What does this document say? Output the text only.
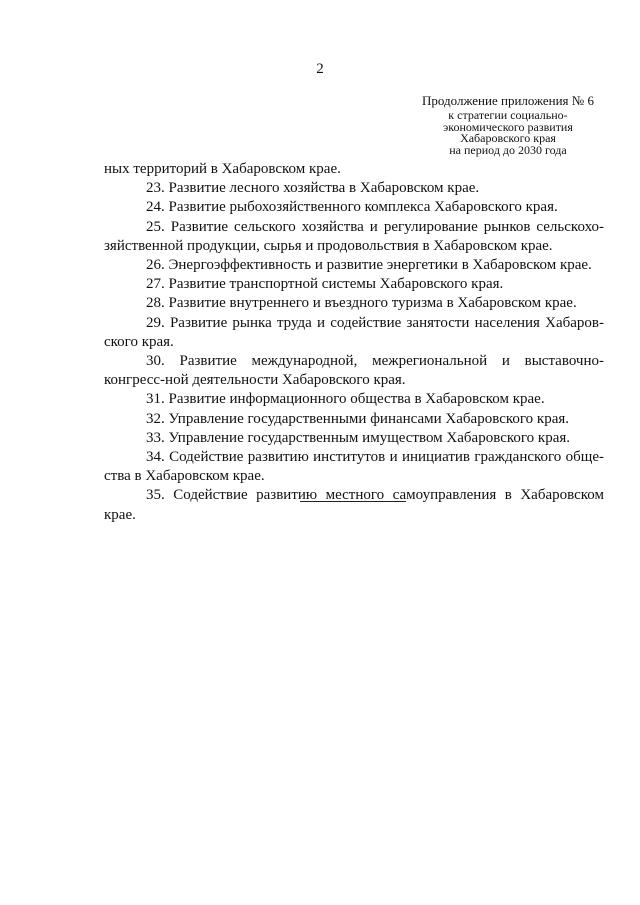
2
Продолжение приложения № 6
к стратегии социально-
экономического развития
Хабаровского края
на период до 2030 года

ных территорий в Хабаровском крае.

23. Развитие лесного хозяйства в Хабаровском крае.

24. Развитие рыбохозяйственного комплекса Хабаровского края.

25. Развитие сельского хозяйства и регулирование рынков сельскохо-зяйственной продукции, сырья и продовольствия в Хабаровском крае.

26. Энергоэффективность и развитие энергетики в Хабаровском крае.

27. Развитие транспортной системы Хабаровского края.

28. Развитие внутреннего и въездного туризма в Хабаровском крае.

29. Развитие рынка труда и содействие занятости населения Хабаров-ского края.

30. Развитие международной, межрегиональной и выставочно-конгресс-ной деятельности Хабаровского края.

31. Развитие информационного общества в Хабаровском крае.

32. Управление государственными финансами Хабаровского края.

33. Управление государственным имуществом Хабаровского края.

34. Содействие развитию институтов и инициатив гражданского обще-ства в Хабаровском крае.

35. Содействие развитию местного самоуправления в Хабаровском крае.
